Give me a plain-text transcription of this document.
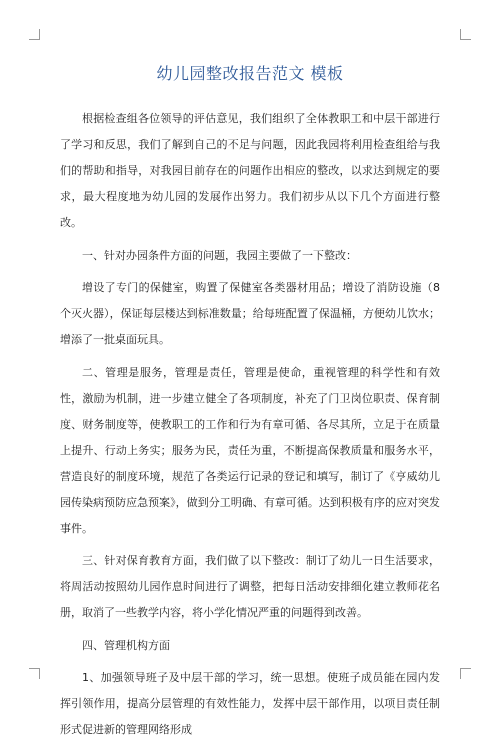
幼儿园整改报告范文 模板

根据检查组各位领导的评估意见，我们组织了全体教职工和中层干部进行了学习和反思，我们了解到自己的不足与问题，因此我园将利用检查组给与我们的帮助和指导，对我园目前存在的问题作出相应的整改，以求达到规定的要求，最大程度地为幼儿园的发展作出努力。我们初步从以下几个方面进行整改。

一、针对办园条件方面的问题，我园主要做了一下整改：

增设了专门的保健室，购置了保健室各类器材用品；增设了消防设施（8个灭火器），保证每层楼达到标准数量；给每班配置了保温桶，方便幼儿饮水；增添了一批桌面玩具。

二、管理是服务，管理是责任，管理是使命，重视管理的科学性和有效性，激励为机制，进一步建立健全了各项制度，补充了门卫岗位职责、保育制度、财务制度等，使教职工的工作和行为有章可循、各尽其所，立足于在质量上提升、行动上务实；服务为民，责任为重，不断提高保教质量和服务水平，营造良好的制度环境，规范了各类运行记录的登记和填写，制订了《亨威幼儿园传染病预防应急预案》，做到分工明确、有章可循。达到积极有序的应对突发事件。

三、针对保育教育方面，我们做了以下整改：制订了幼儿一日生活要求，将周活动按照幼儿园作息时间进行了调整，把每日活动安排细化建立教师花名册，取消了一些教学内容，将小学化情况严重的问题得到改善。

四、管理机构方面

1、加强领导班子及中层干部的学习，统一思想。使班子成员能在园内发挥引领作用，提高分层管理的有效性能力，发挥中层干部作用，以项目责任制形式促进新的管理网络形成
